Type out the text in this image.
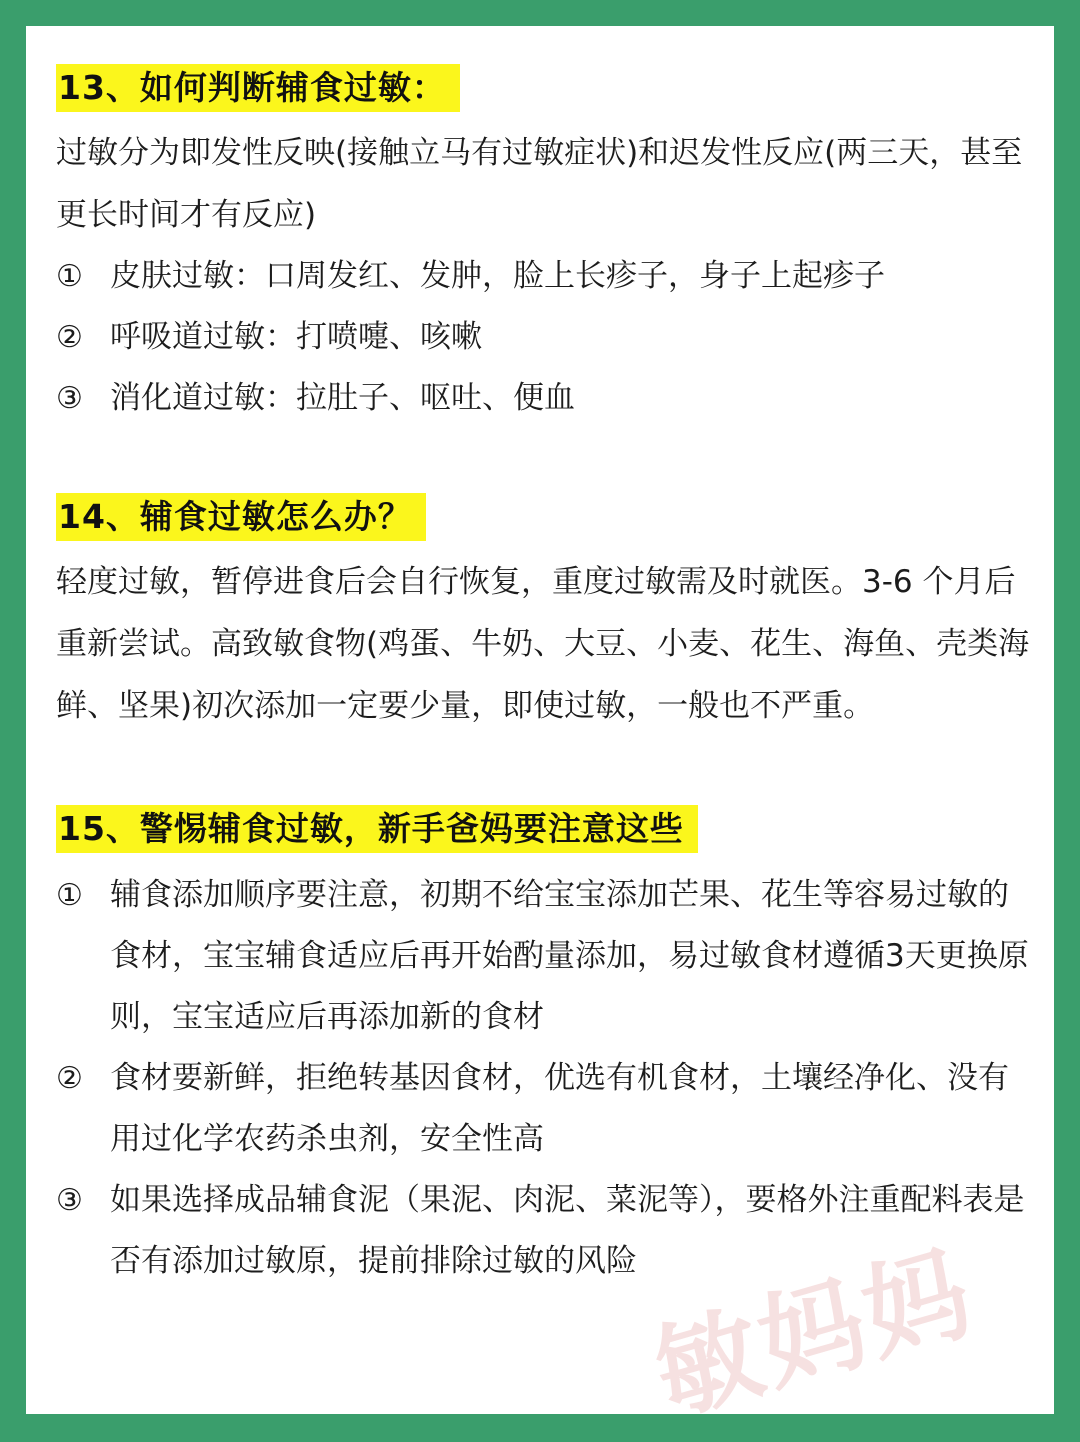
13、如何判断辅食过敏：

过敏分为即发性反映(接触立马有过敏症状)和迟发性反应(两三天，甚至更长时间才有反应)

① 皮肤过敏：口周发红、发肿，脸上长疹子，身子上起疹子
② 呼吸道过敏：打喷嚏、咳嗽
③ 消化道过敏：拉肚子、呕吐、便血
14、辅食过敏怎么办？

轻度过敏，暂停进食后会自行恢复，重度过敏需及时就医。3-6 个月后重新尝试。高致敏食物(鸡蛋、牛奶、大豆、小麦、花生、海鱼、壳类海鲜、坚果)初次添加一定要少量，即使过敏，一般也不严重。

15、警惕辅食过敏，新手爸妈要注意这些
① 辅食添加顺序要注意，初期不给宝宝添加芒果、花生等容易过敏的食材，宝宝辅食适应后再开始酌量添加，易过敏食材遵循3天更换原则，宝宝适应后再添加新的食材
② 食材要新鲜，拒绝转基因食材，优选有机食材，土壤经净化、没有用过化学农药杀虫剂，安全性高
③ 如果选择成品辅食泥（果泥、肉泥、菜泥等），要格外注重配料表是否有添加过敏原，提前排除过敏的风险 敏妈妈
